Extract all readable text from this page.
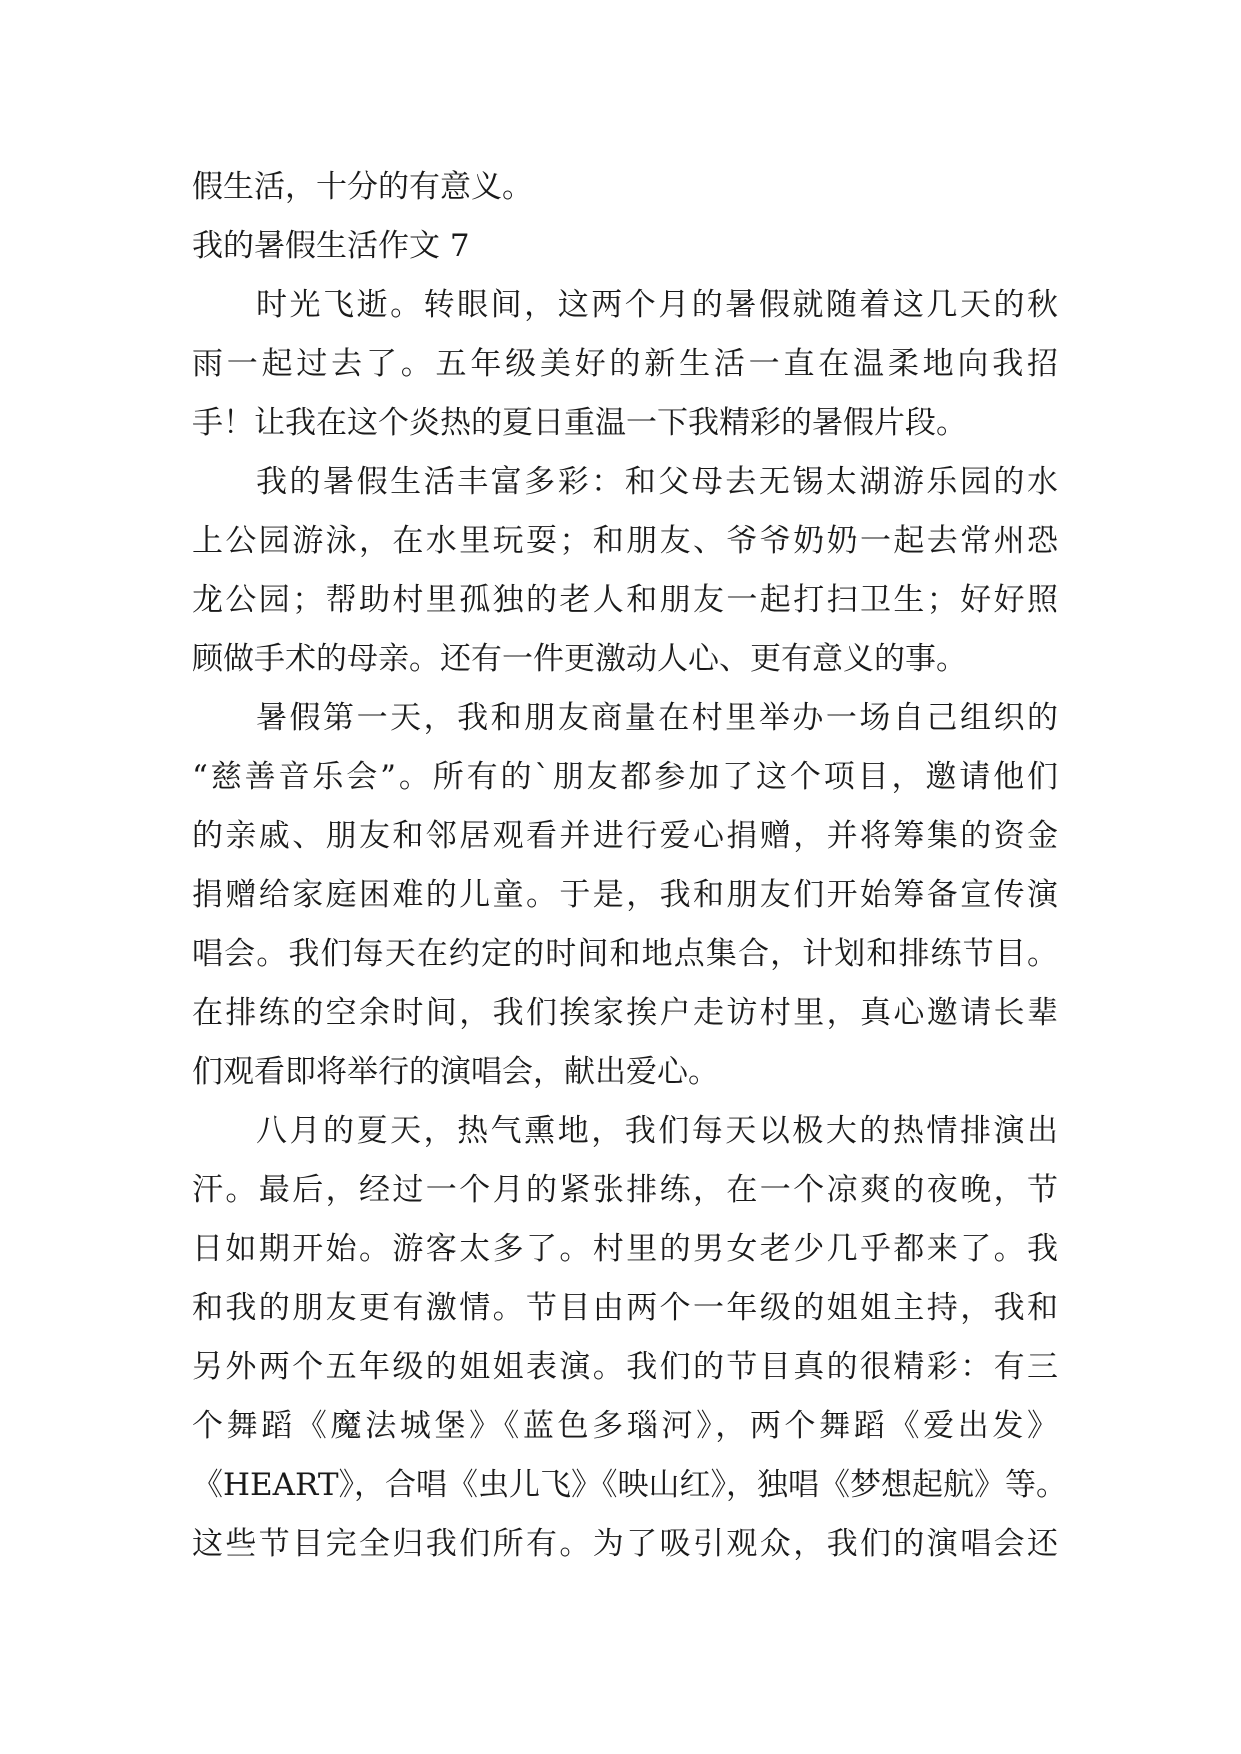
假生活，十分的有意义。
我的暑假生活作文 7
时光飞逝。转眼间，这两个月的暑假就随着这几天的秋
雨一起过去了。五年级美好的新生活一直在温柔地向我招
手！让我在这个炎热的夏日重温一下我精彩的暑假片段。
我的暑假生活丰富多彩：和父母去无锡太湖游乐园的水
上公园游泳，在水里玩耍；和朋友、爷爷奶奶一起去常州恐
龙公园；帮助村里孤独的老人和朋友一起打扫卫生；好好照
顾做手术的母亲。还有一件更激动人心、更有意义的事。
暑假第一天，我和朋友商量在村里举办一场自己组织的
“慈善音乐会”。所有的`朋友都参加了这个项目，邀请他们
的亲戚、朋友和邻居观看并进行爱心捐赠，并将筹集的资金
捐赠给家庭困难的儿童。于是，我和朋友们开始筹备宣传演
唱会。我们每天在约定的时间和地点集合，计划和排练节目。
在排练的空余时间，我们挨家挨户走访村里，真心邀请长辈
们观看即将举行的演唱会，献出爱心。
八月的夏天，热气熏地，我们每天以极大的热情排演出
汗。最后，经过一个月的紧张排练，在一个凉爽的夜晚，节
日如期开始。游客太多了。村里的男女老少几乎都来了。我
和我的朋友更有激情。节目由两个一年级的姐姐主持，我和
另外两个五年级的姐姐表演。我们的节目真的很精彩：有三
个舞蹈《魔法城堡》《蓝色多瑙河》，两个舞蹈《爱出发》
《HEART》，合唱《虫儿飞》《映山红》，独唱《梦想起航》等。
这些节目完全归我们所有。为了吸引观众，我们的演唱会还
